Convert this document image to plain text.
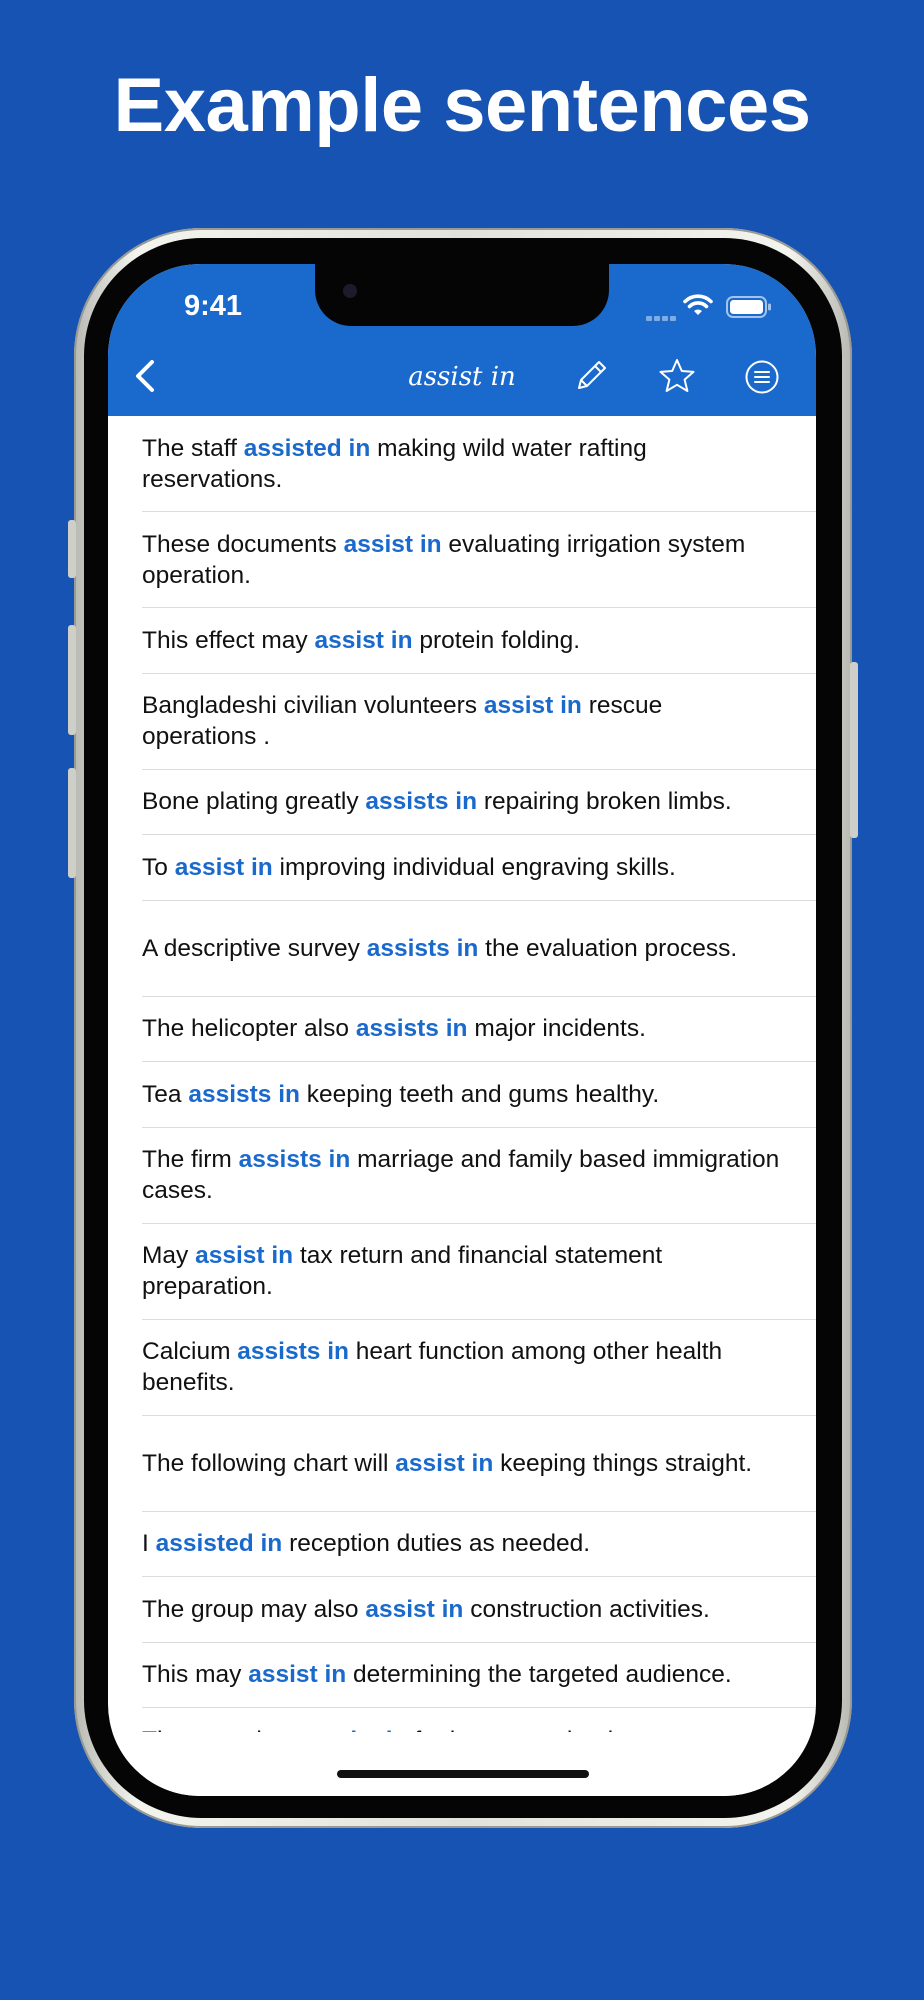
Example sentences
9:41
assist in
The staff assisted in making wild water rafting reservations.
These documents assist in evaluating irrigation system operation.
This effect may assist in protein folding.
Bangladeshi civilian volunteers assist in rescue operations .
Bone plating greatly assists in repairing broken limbs.
To assist in improving individual engraving skills.
A descriptive survey assists in the evaluation process.
The helicopter also assists in major incidents.
Tea assists in keeping teeth and gums healthy.
The firm assists in marriage and family based immigration cases.
May assist in tax return and financial statement preparation.
Calcium assists in heart function among other health benefits.
The following chart will assist in keeping things straight.
I assisted in reception duties as needed.
The group may also assist in construction activities.
This may assist in determining the targeted audience.
